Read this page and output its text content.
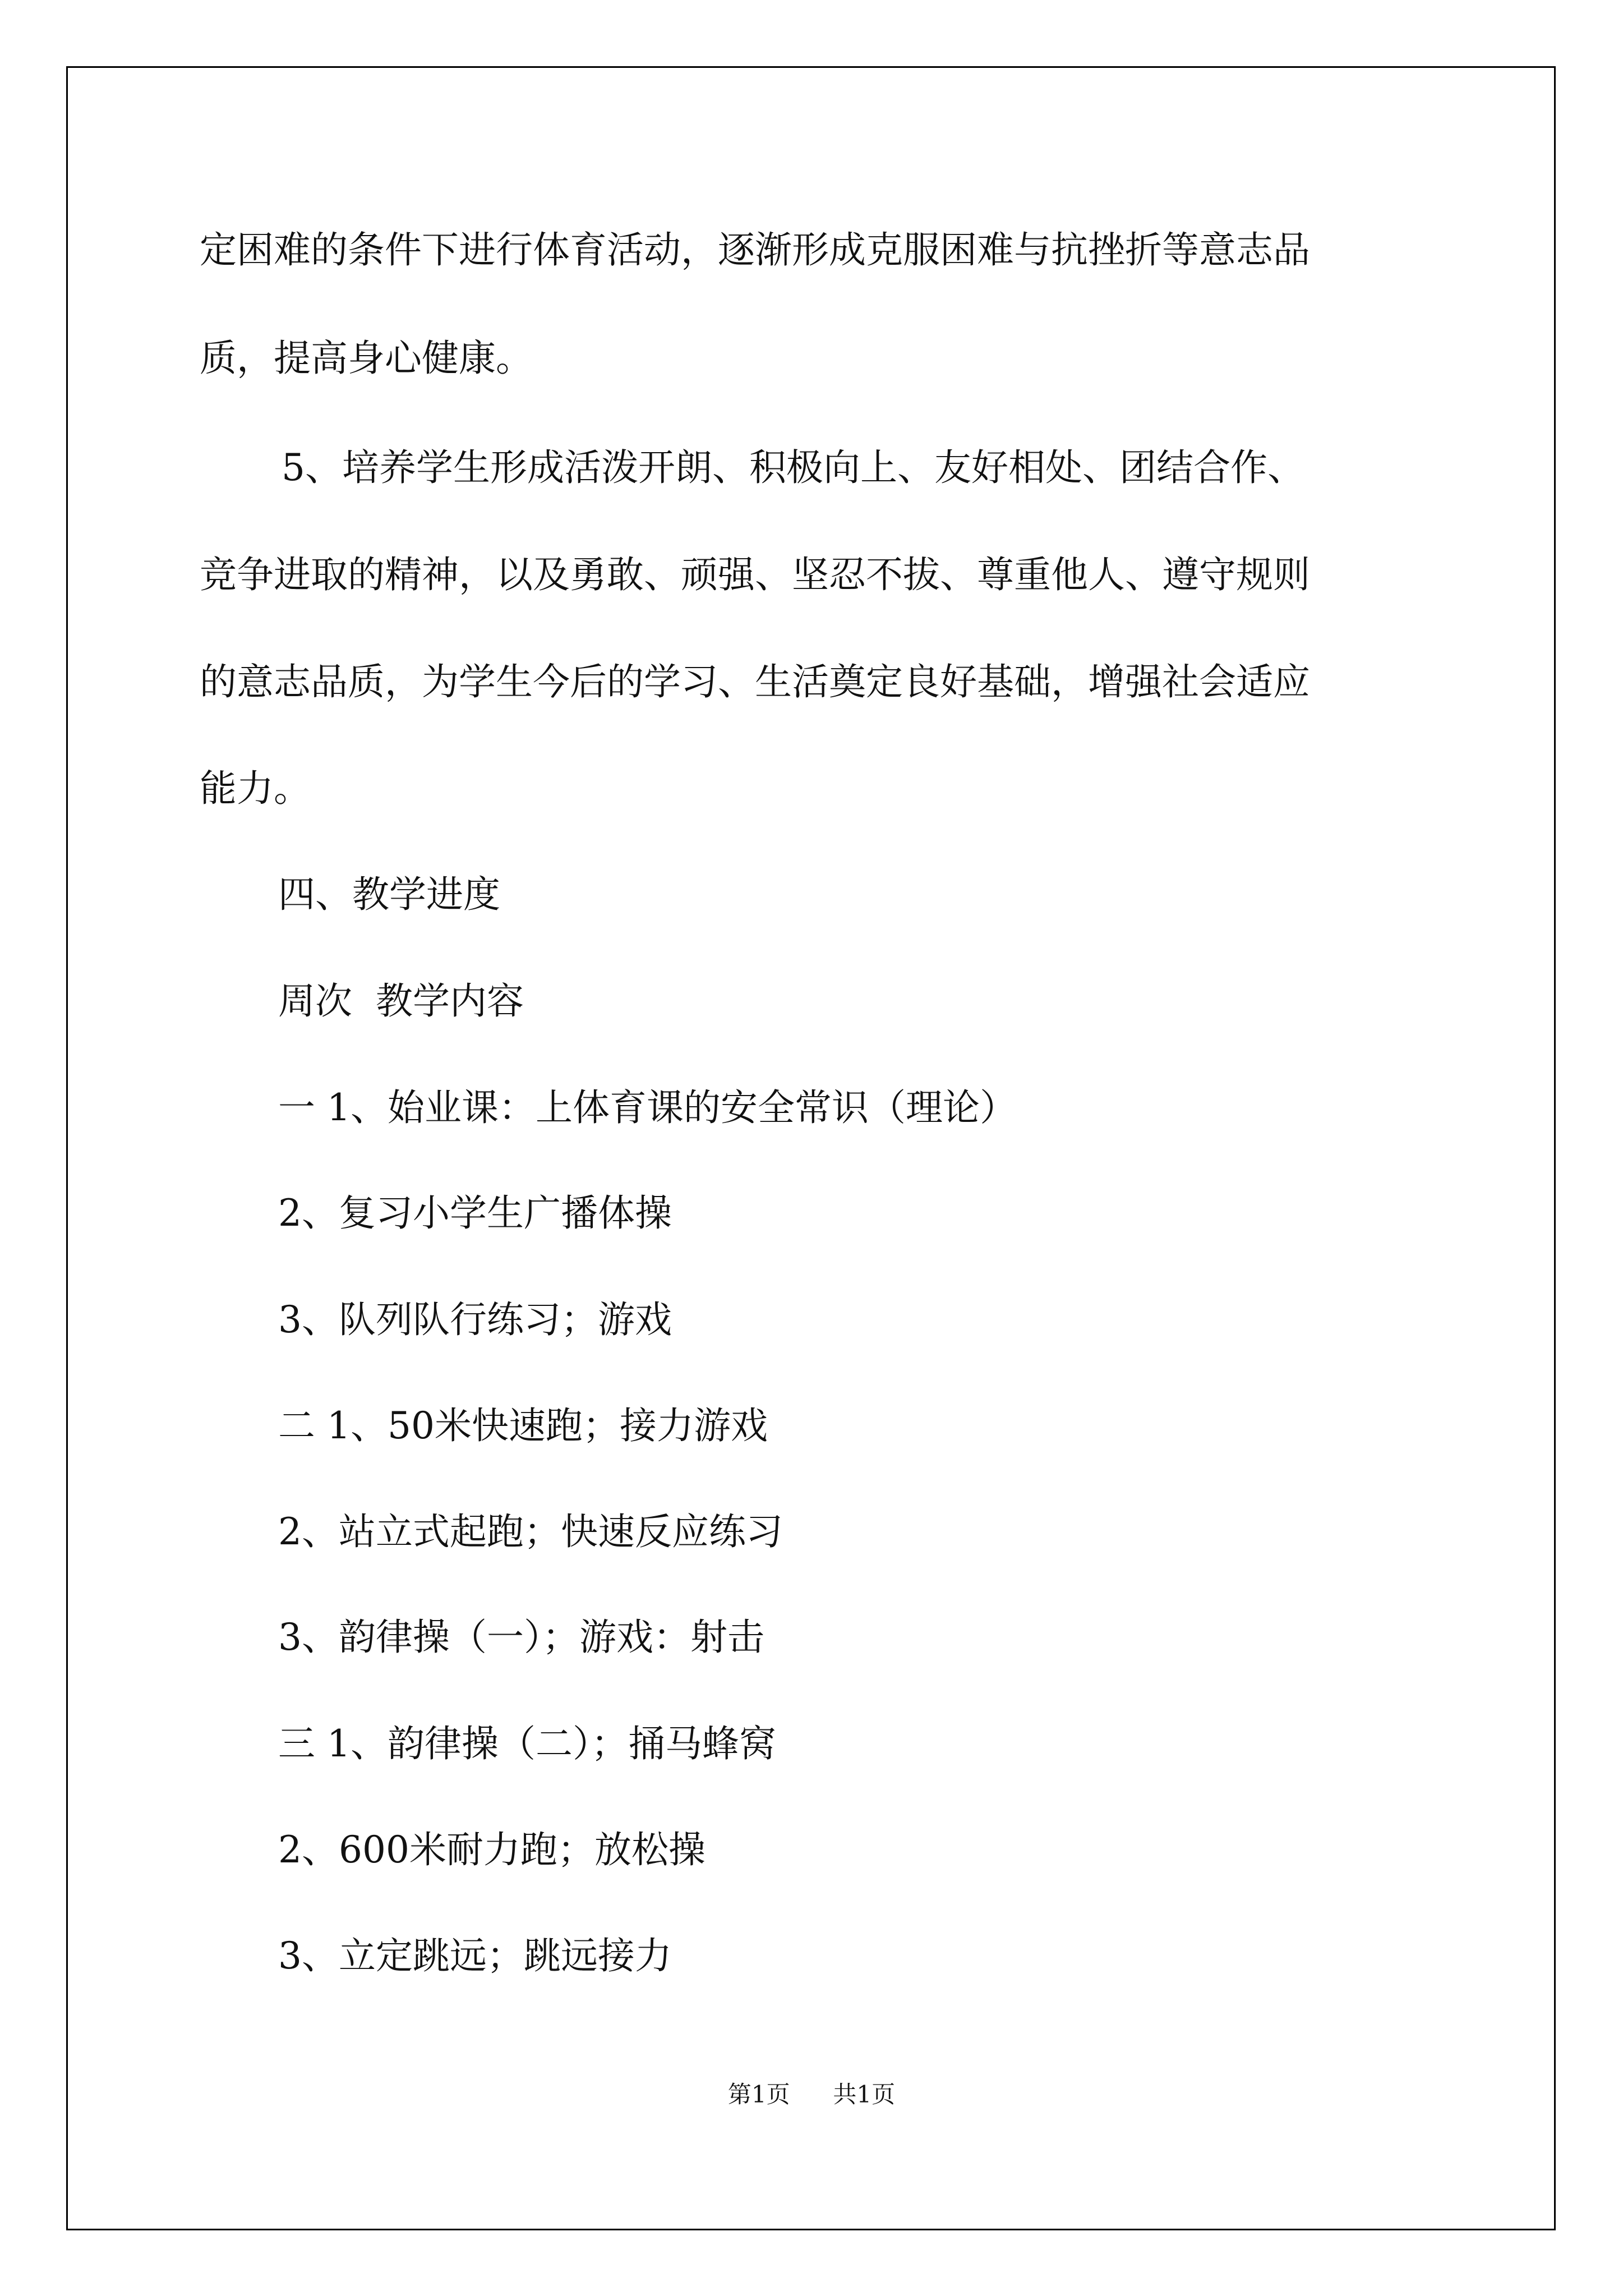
定困难的条件下进行体育活动，逐渐形成克服困难与抗挫折等意志品
质，提高身心健康。
5、培养学生形成活泼开朗、积极向上、友好相处、团结合作、
竞争进取的精神，以及勇敢、顽强、坚忍不拔、尊重他人、遵守规则
的意志品质，为学生今后的学习、生活奠定良好基础，增强社会适应
能力。
四、教学进度
周次  教学内容
一 1、始业课：上体育课的安全常识（理论）
2、复习小学生广播体操
3、队列队行练习；游戏
二 1、50米快速跑；接力游戏
2、站立式起跑；快速反应练习
3、韵律操（一）；游戏：射击
三 1、韵律操（二）；捅马蜂窝
2、600米耐力跑；放松操
3、立定跳远；跳远接力
第1页 共1页
